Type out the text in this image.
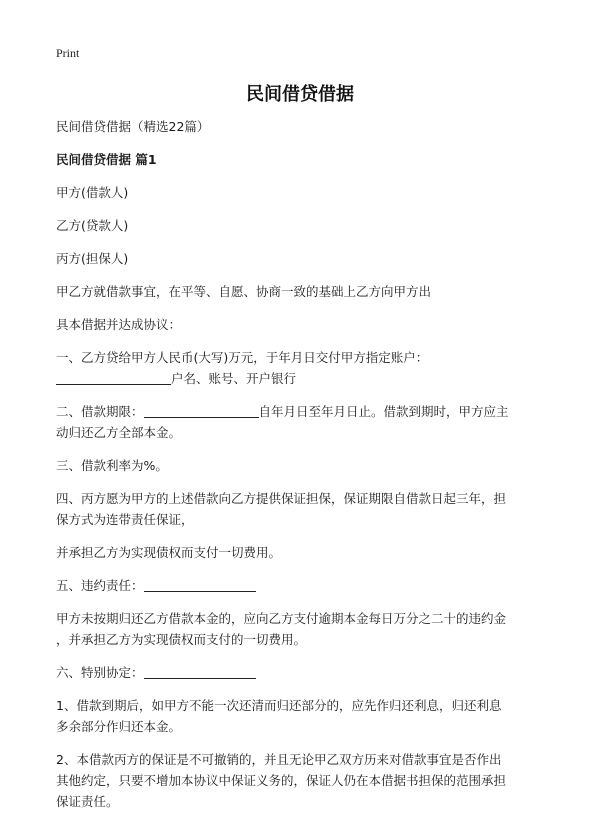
Print
民间借贷借据

民间借贷借据（精选22篇）

民间借贷借据 篇1

甲方(借款人)

乙方(贷款人)

丙方(担保人)

甲乙方就借款事宜，在平等、自愿、协商一致的基础上乙方向甲方出

具本借据并达成协议：

一、乙方贷给甲方人民币(大写)万元，于年月日交付甲方指定账户：
户名、账号、开户银行
二、借款期限：	自年月日至年月日止。借款到期时，甲方应主
动归还乙方全部本金。

三、借款利率为%。

四、丙方愿为甲方的上述借款向乙方提供保证担保，保证期限自借款日起三年，担
保方式为连带责任保证，

并承担乙方为实现债权而支付一切费用。

五、违约责任：
甲方未按期归还乙方借款本金的，应向乙方支付逾期本金每日万分之二十的违约金
，并承担乙方为实现债权而支付的一切费用。
六、特别协定：
1、借款到期后，如甲方不能一次还清而归还部分的，应先作归还利息，归还利息
多余部分作归还本金。
2、本借款丙方的保证是不可撤销的，并且无论甲乙双方历来对借款事宜是否作出
其他约定，只要不增加本协议中保证义务的，保证人仍在本借据书担保的范围承担
保证责任。
